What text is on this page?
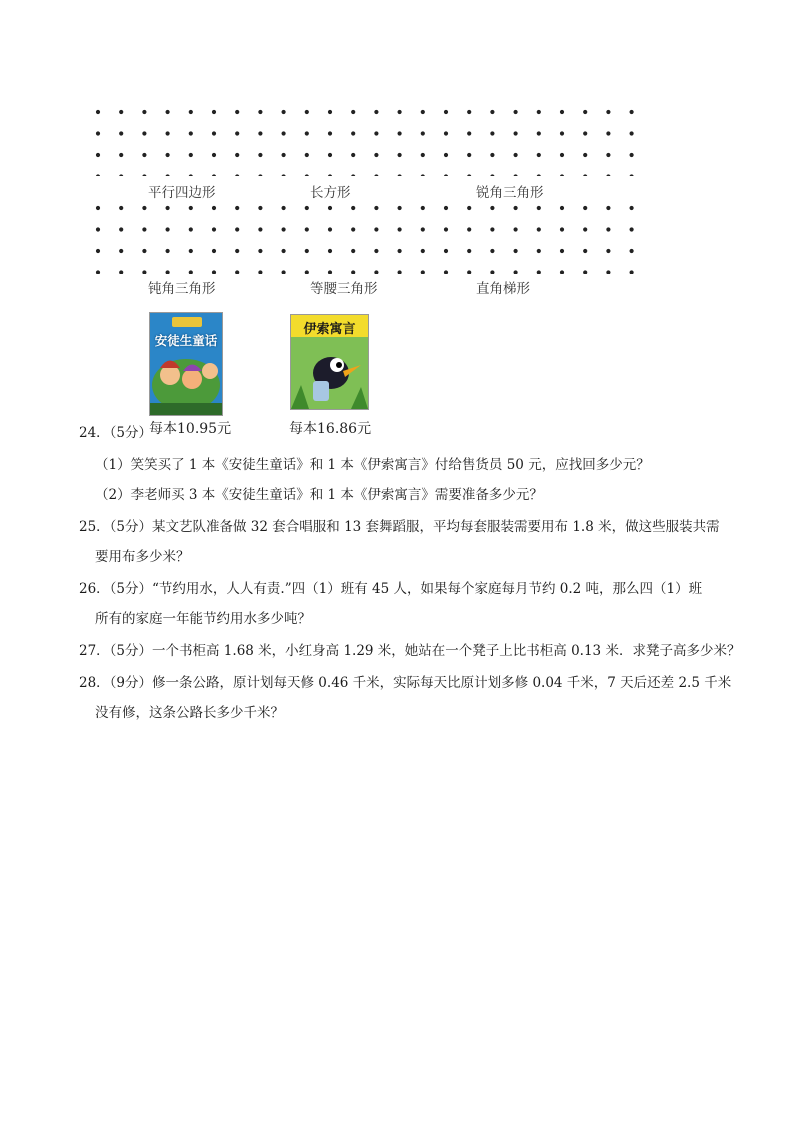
平行四边形	长方形	锐角三角形
钝角三角形	等腰三角形	直角梯形
安徒生童话
每本10.95元
伊索寓言
每本16.86元
24．（5分）
（1）笑笑买了 1 本《安徒生童话》和 1 本《伊索寓言》付给售货员 50 元，应找回多少元？
（2）李老师买 3 本《安徒生童话》和 1 本《伊索寓言》需要准备多少元？
25．（5分）某文艺队准备做 32 套合唱服和 13 套舞蹈服，平均每套服装需要用布 1.8 米，做这些服装共需
要用布多少米？
26．（5分）“节约用水，人人有责.”四（1）班有 45 人，如果每个家庭每月节约 0.2 吨，那么四（1）班
所有的家庭一年能节约用水多少吨？
27．（5分）一个书柜高 1.68 米，小红身高 1.29 米，她站在一个凳子上比书柜高 0.13 米．求凳子高多少米？
28．（9分）修一条公路，原计划每天修 0.46 千米，实际每天比原计划多修 0.04 千米，7 天后还差 2.5 千米
没有修，这条公路长多少千米？
